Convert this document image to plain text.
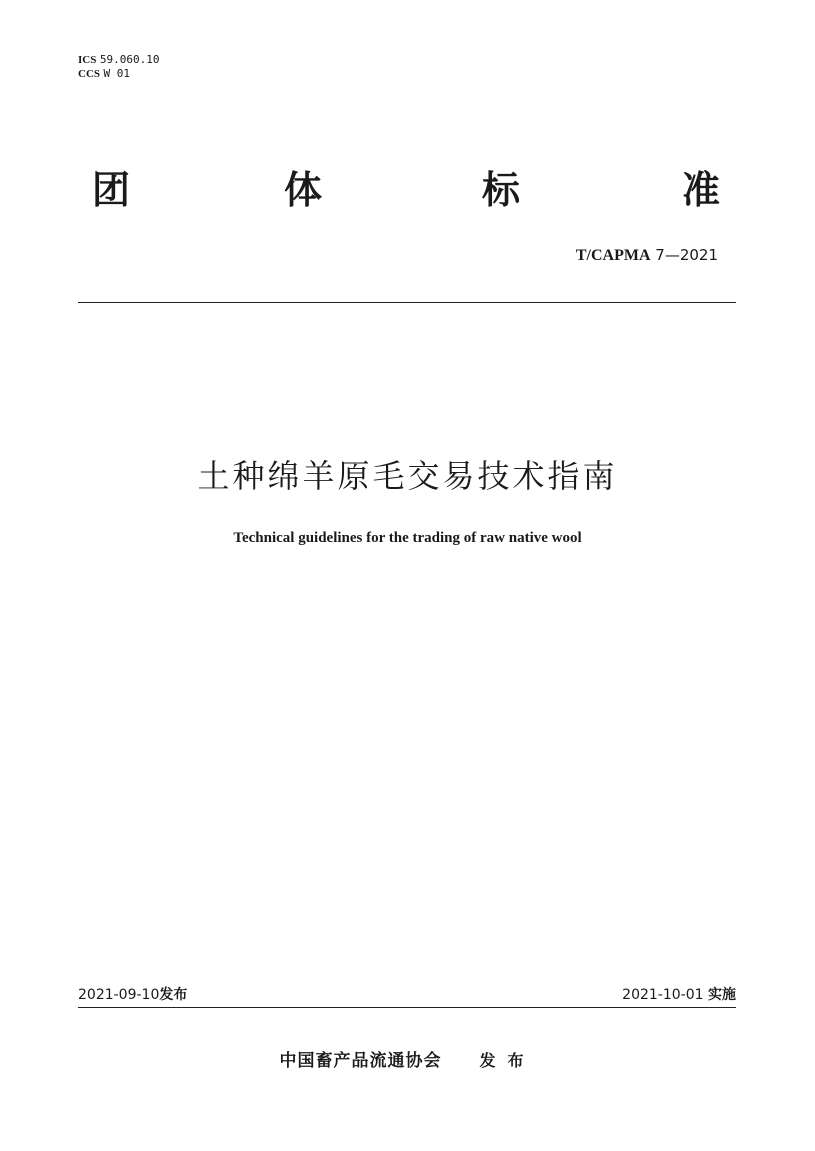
ICS 59.060.10
CCS W 01
团	体	标	准
T/CAPMA 7—2021
土种绵羊原毛交易技术指南
Technical guidelines for the trading of raw native wool
2021-09-10发布	2021-10-01 实施
中国畜产品流通协会 发布
